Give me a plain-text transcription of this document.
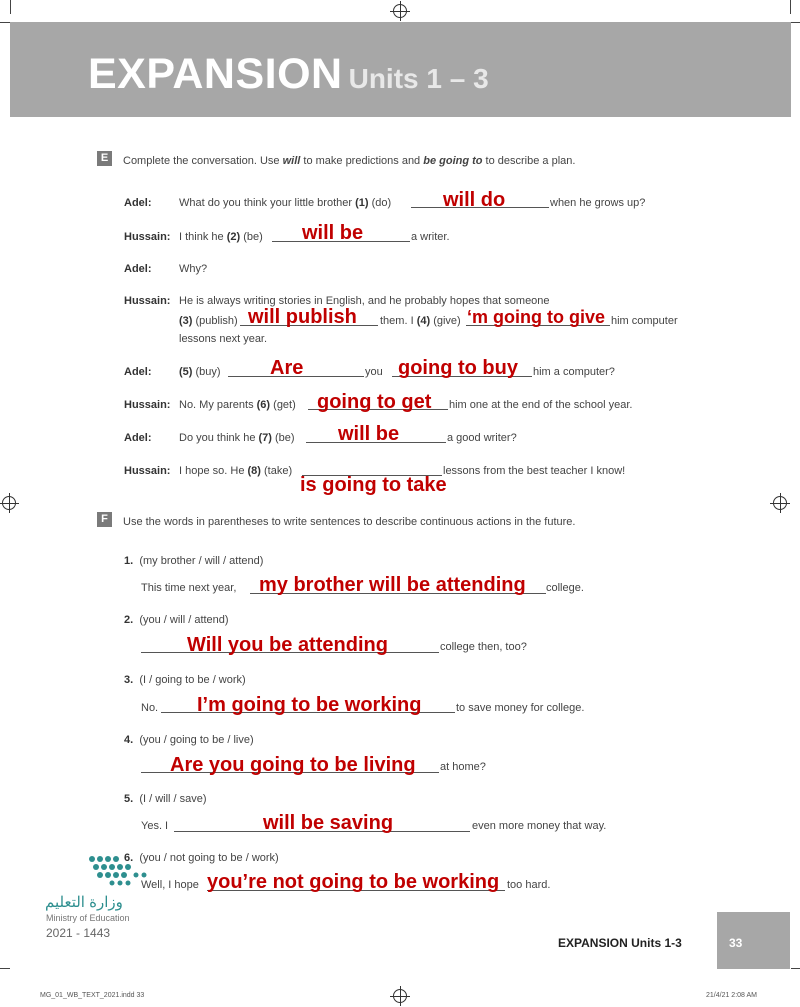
EXPANSION Units 1 – 3
E	Complete the conversation. Use will to make predictions and be going to to describe a plan.
Adel:	What do you think your little brother (1) (do)	will do	when he grows up?
Hussain: I think he (2) (be) will be	a writer.
Adel:	Why?
Hussain: He is always writing stories in English, and he probably hopes that someone
(3) (publish) will publish them. I (4) (give) ‘m going to give him computer
lessons next year.
Adel:	(5) (buy) Are	you going to buy him a computer?
Hussain: No. My parents (6) (get) going to get him one at the end of the school year.
Adel:	Do you think he (7) (be) will be	a good writer?
Hussain: I hope so. He (8) (take)	lessons from the best teacher I know!
is going to take
F	Use the words in parentheses to write sentences to describe continuous actions in the future.
1. (my brother / will / attend)
This time next year, my brother will be attending college.
2. (you / will / attend)
Will you be attending	college then, too?
3. (I / going to be / work)
No. I’m going to be working	to save money for college.
4. (you / going to be / live)
Are you going to be living at home?
5. (I / will / save)
Yes. I	will be saving	even more money that way.
6. (you / not going to be / work)
Well, I hope you’re not going to be working too hard.
وزارة التعليم
Ministry of Education
2021 - 1443
EXPANSION Units 1-3	33
MG_01_WB_TEXT_2021.indd 33	21/4/21 2:08 AM
